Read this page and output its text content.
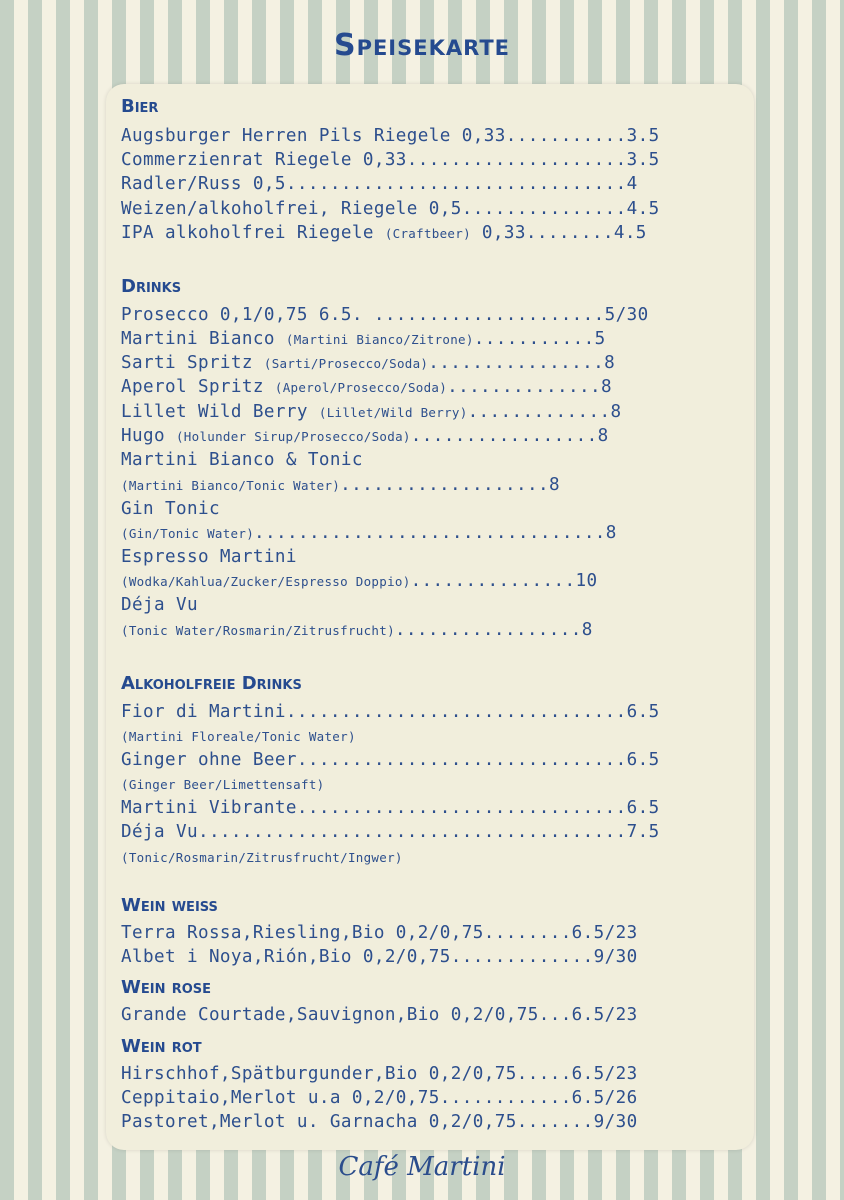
Speisekarte
Bier
Augsburger Herren Pils Riegele 0,33...........3.5
Commerzienrat Riegele 0,33....................3.5
Radler/Russ 0,5...............................4
Weizen/alkoholfrei, Riegele 0,5...............4.5
IPA alkoholfrei Riegele (Craftbeer) 0,33........4.5
Drinks
Prosecco 0,1/0,75 6.5. .....................5/30
Martini Bianco (Martini Bianco/Zitrone)...........5
Sarti Spritz (Sarti/Prosecco/Soda)................8
Aperol Spritz (Aperol/Prosecco/Soda)..............8
Lillet Wild Berry (Lillet/Wild Berry).............8
Hugo (Holunder Sirup/Prosecco/Soda).................8
Martini Bianco & Tonic
(Martini Bianco/Tonic Water)...................8
Gin Tonic
(Gin/Tonic Water)................................8
Espresso Martini
(Wodka/Kahlua/Zucker/Espresso Doppio)...............10
Déja Vu
(Tonic Water/Rosmarin/Zitrusfrucht).................8
Alkoholfreie Drinks
Fior di Martini...............................6.5
(Martini Floreale/Tonic Water)
Ginger ohne Beer..............................6.5
(Ginger Beer/Limettensaft)
Martini Vibrante..............................6.5
Déja Vu.......................................7.5
(Tonic/Rosmarin/Zitrusfrucht/Ingwer)
Wein weiss
Terra Rossa,Riesling,Bio 0,2/0,75........6.5/23
Albet i Noya,Rión,Bio 0,2/0,75.............9/30
Wein rose
Grande Courtade,Sauvignon,Bio 0,2/0,75...6.5/23
Wein rot
Hirschhof,Spätburgunder,Bio 0,2/0,75.....6.5/23
Ceppitaio,Merlot u.a 0,2/0,75............6.5/26
Pastoret,Merlot u. Garnacha 0,2/0,75.......9/30
Café Martini
